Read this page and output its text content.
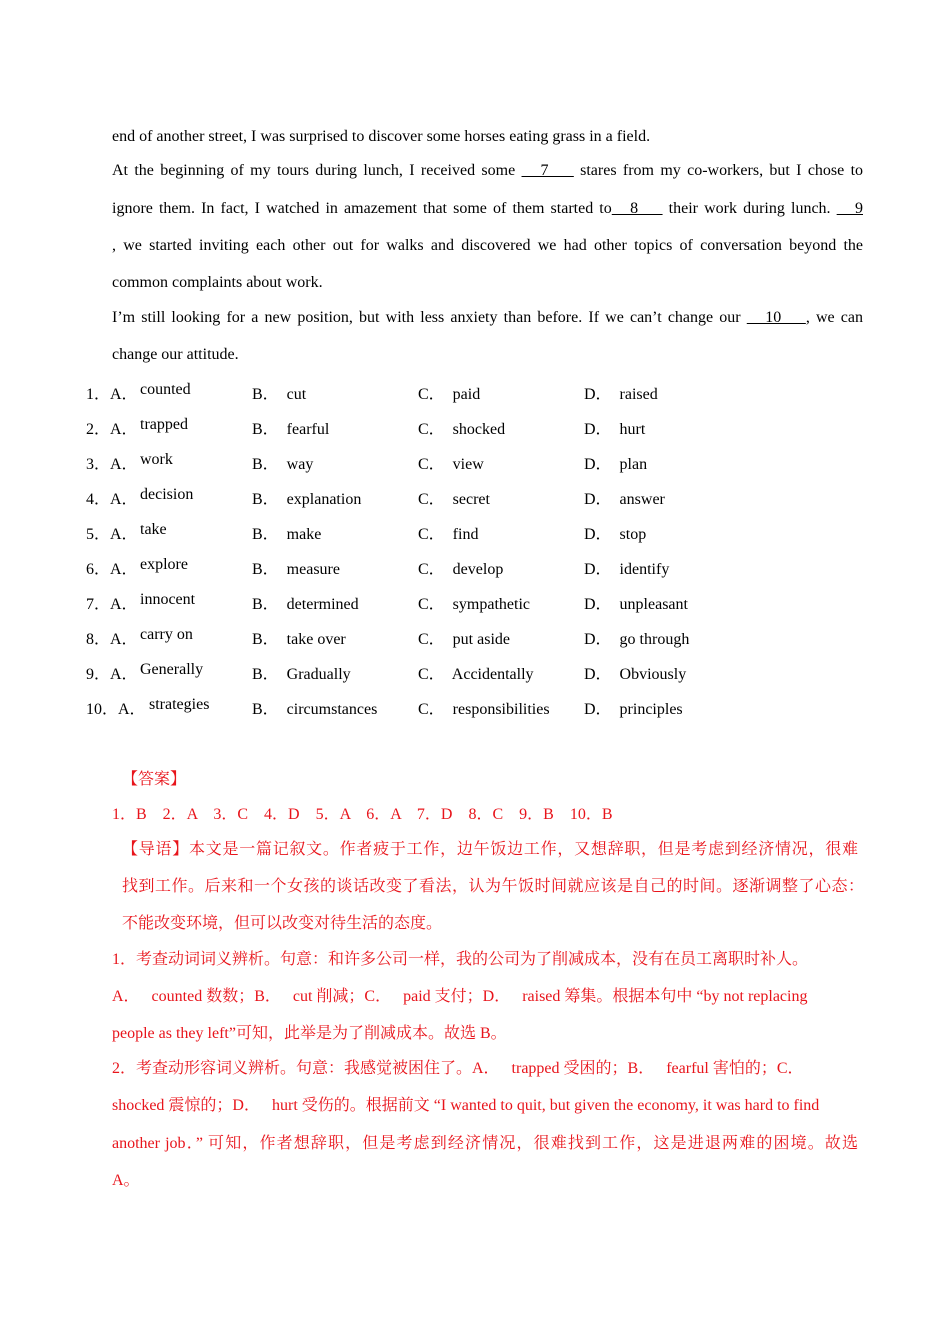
end of another street, I was surprised to discover some horses eating grass in a field.
At the beginning of my tours during lunch, I received some    7     stares from my co-workers, but I chose to
ignore them. In fact, I watched in amazement that some of them started to   8     their work during lunch.    9
, we started inviting each other out for walks and discovered we had other topics of conversation beyond the
common complaints about work.
I’m still looking for a new position, but with less anxiety than before. If we can’t change our    10    , we can
change our attitude.
1．A． counted	B．  cut	C．  paid	D．  raised
2．A． trapped	B．  fearful	C．  shocked	D．  hurt
3．A． work	B．  way	C．  view	D．  plan
4．A． decision	B．  explanation	C．  secret	D．  answer
5．A． take	B．  make	C．  find	D．  stop
6．A． explore	B．  measure	C．  develop	D．  identify
7．A． innocent	B．  determined	C．  sympathetic	D．  unpleasant
8．A． carry on	B．  take over	C．  put aside	D．  go through
9．A． Generally	B．  Gradually	C．  Accidentally	D．  Obviously
10．A． strategies	B．  circumstances	C．  responsibilities D．  principles
【答案】
1．B    2．A    3．C    4．D    5．A    6．A    7．D    8．C    9．B    10．B
【导语】本文是一篇记叙文。作者疲于工作，边午饭边工作，又想辞职，但是考虑到经济情况，很难
找到工作。后来和一个女孩的谈话改变了看法，认为午饭时间就应该是自己的时间。逐渐调整了心态：
不能改变环境，但可以改变对待生活的态度。
1．考查动词词义辨析。句意：和许多公司一样，我的公司为了削减成本，没有在员工离职时补人。
A．   counted 数数；B．   cut 削减；C．   paid 支付；D．   raised 筹集。根据本句中 “by not replacing
people as they left”可知，此举是为了削减成本。故选 B。
2．考查动形容词义辨析。句意：我感觉被困住了。A．   trapped 受困的；B．   fearful 害怕的；C．
shocked 震惊的；D．   hurt 受伤的。根据前文 “I wanted to quit, but given the economy, it was hard to find
another job．” 可知，作者想辞职，但是考虑到经济情况，很难找到工作，这是进退两难的困境。故选
A。
